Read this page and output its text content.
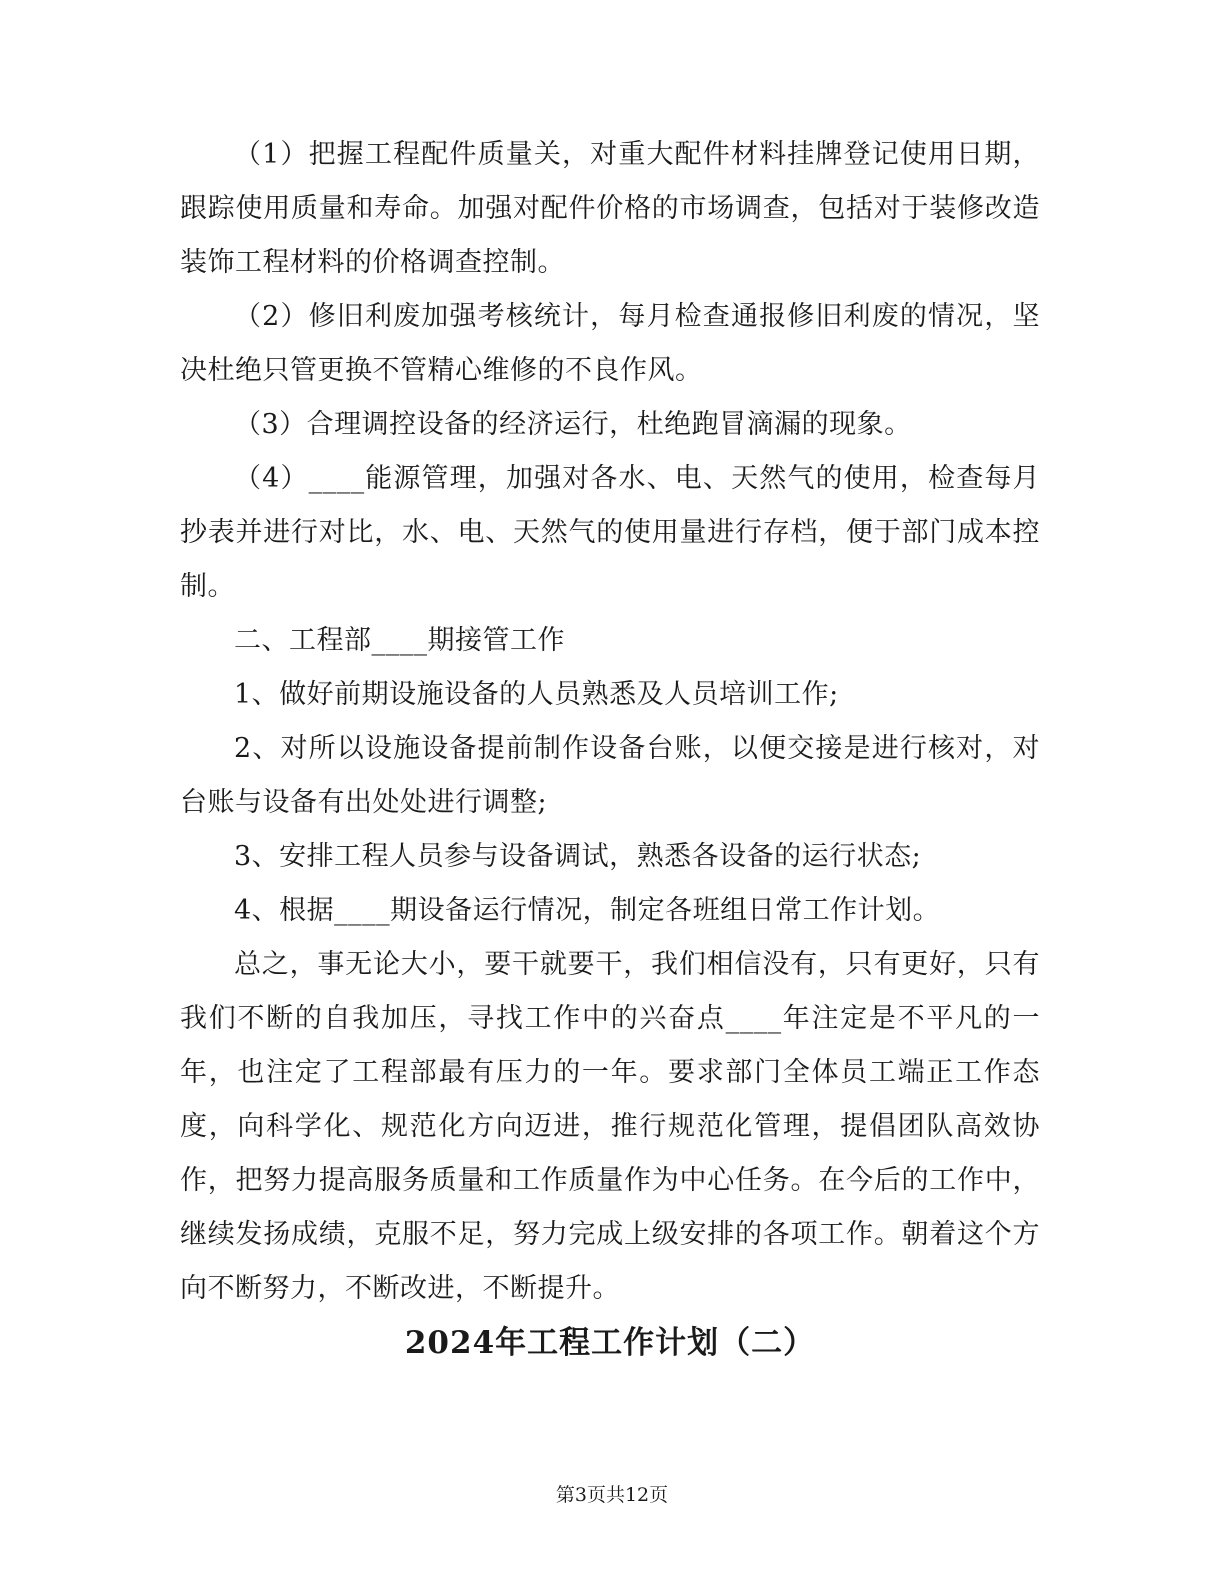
（1）把握工程配件质量关，对重大配件材料挂牌登记使用日期，跟踪使用质量和寿命。加强对配件价格的市场调查，包括对于装修改造装饰工程材料的价格调查控制。

（2）修旧利废加强考核统计，每月检查通报修旧利废的情况，坚决杜绝只管更换不管精心维修的不良作风。

（3）合理调控设备的经济运行，杜绝跑冒滴漏的现象。

（4）____能源管理，加强对各水、电、天然气的使用，检查每月抄表并进行对比，水、电、天然气的使用量进行存档，便于部门成本控制。

二、工程部____期接管工作

1、做好前期设施设备的人员熟悉及人员培训工作;

2、对所以设施设备提前制作设备台账，以便交接是进行核对，对台账与设备有出处处进行调整;

3、安排工程人员参与设备调试，熟悉各设备的运行状态;

4、根据____期设备运行情况，制定各班组日常工作计划。

总之，事无论大小，要干就要干，我们相信没有，只有更好，只有我们不断的自我加压，寻找工作中的兴奋点____年注定是不平凡的一年，也注定了工程部最有压力的一年。要求部门全体员工端正工作态度，向科学化、规范化方向迈进，推行规范化管理，提倡团队高效协作，把努力提高服务质量和工作质量作为中心任务。在今后的工作中，继续发扬成绩，克服不足，努力完成上级安排的各项工作。朝着这个方向不断努力，不断改进，不断提升。

2024年工程工作计划（二）
第3页共12页
